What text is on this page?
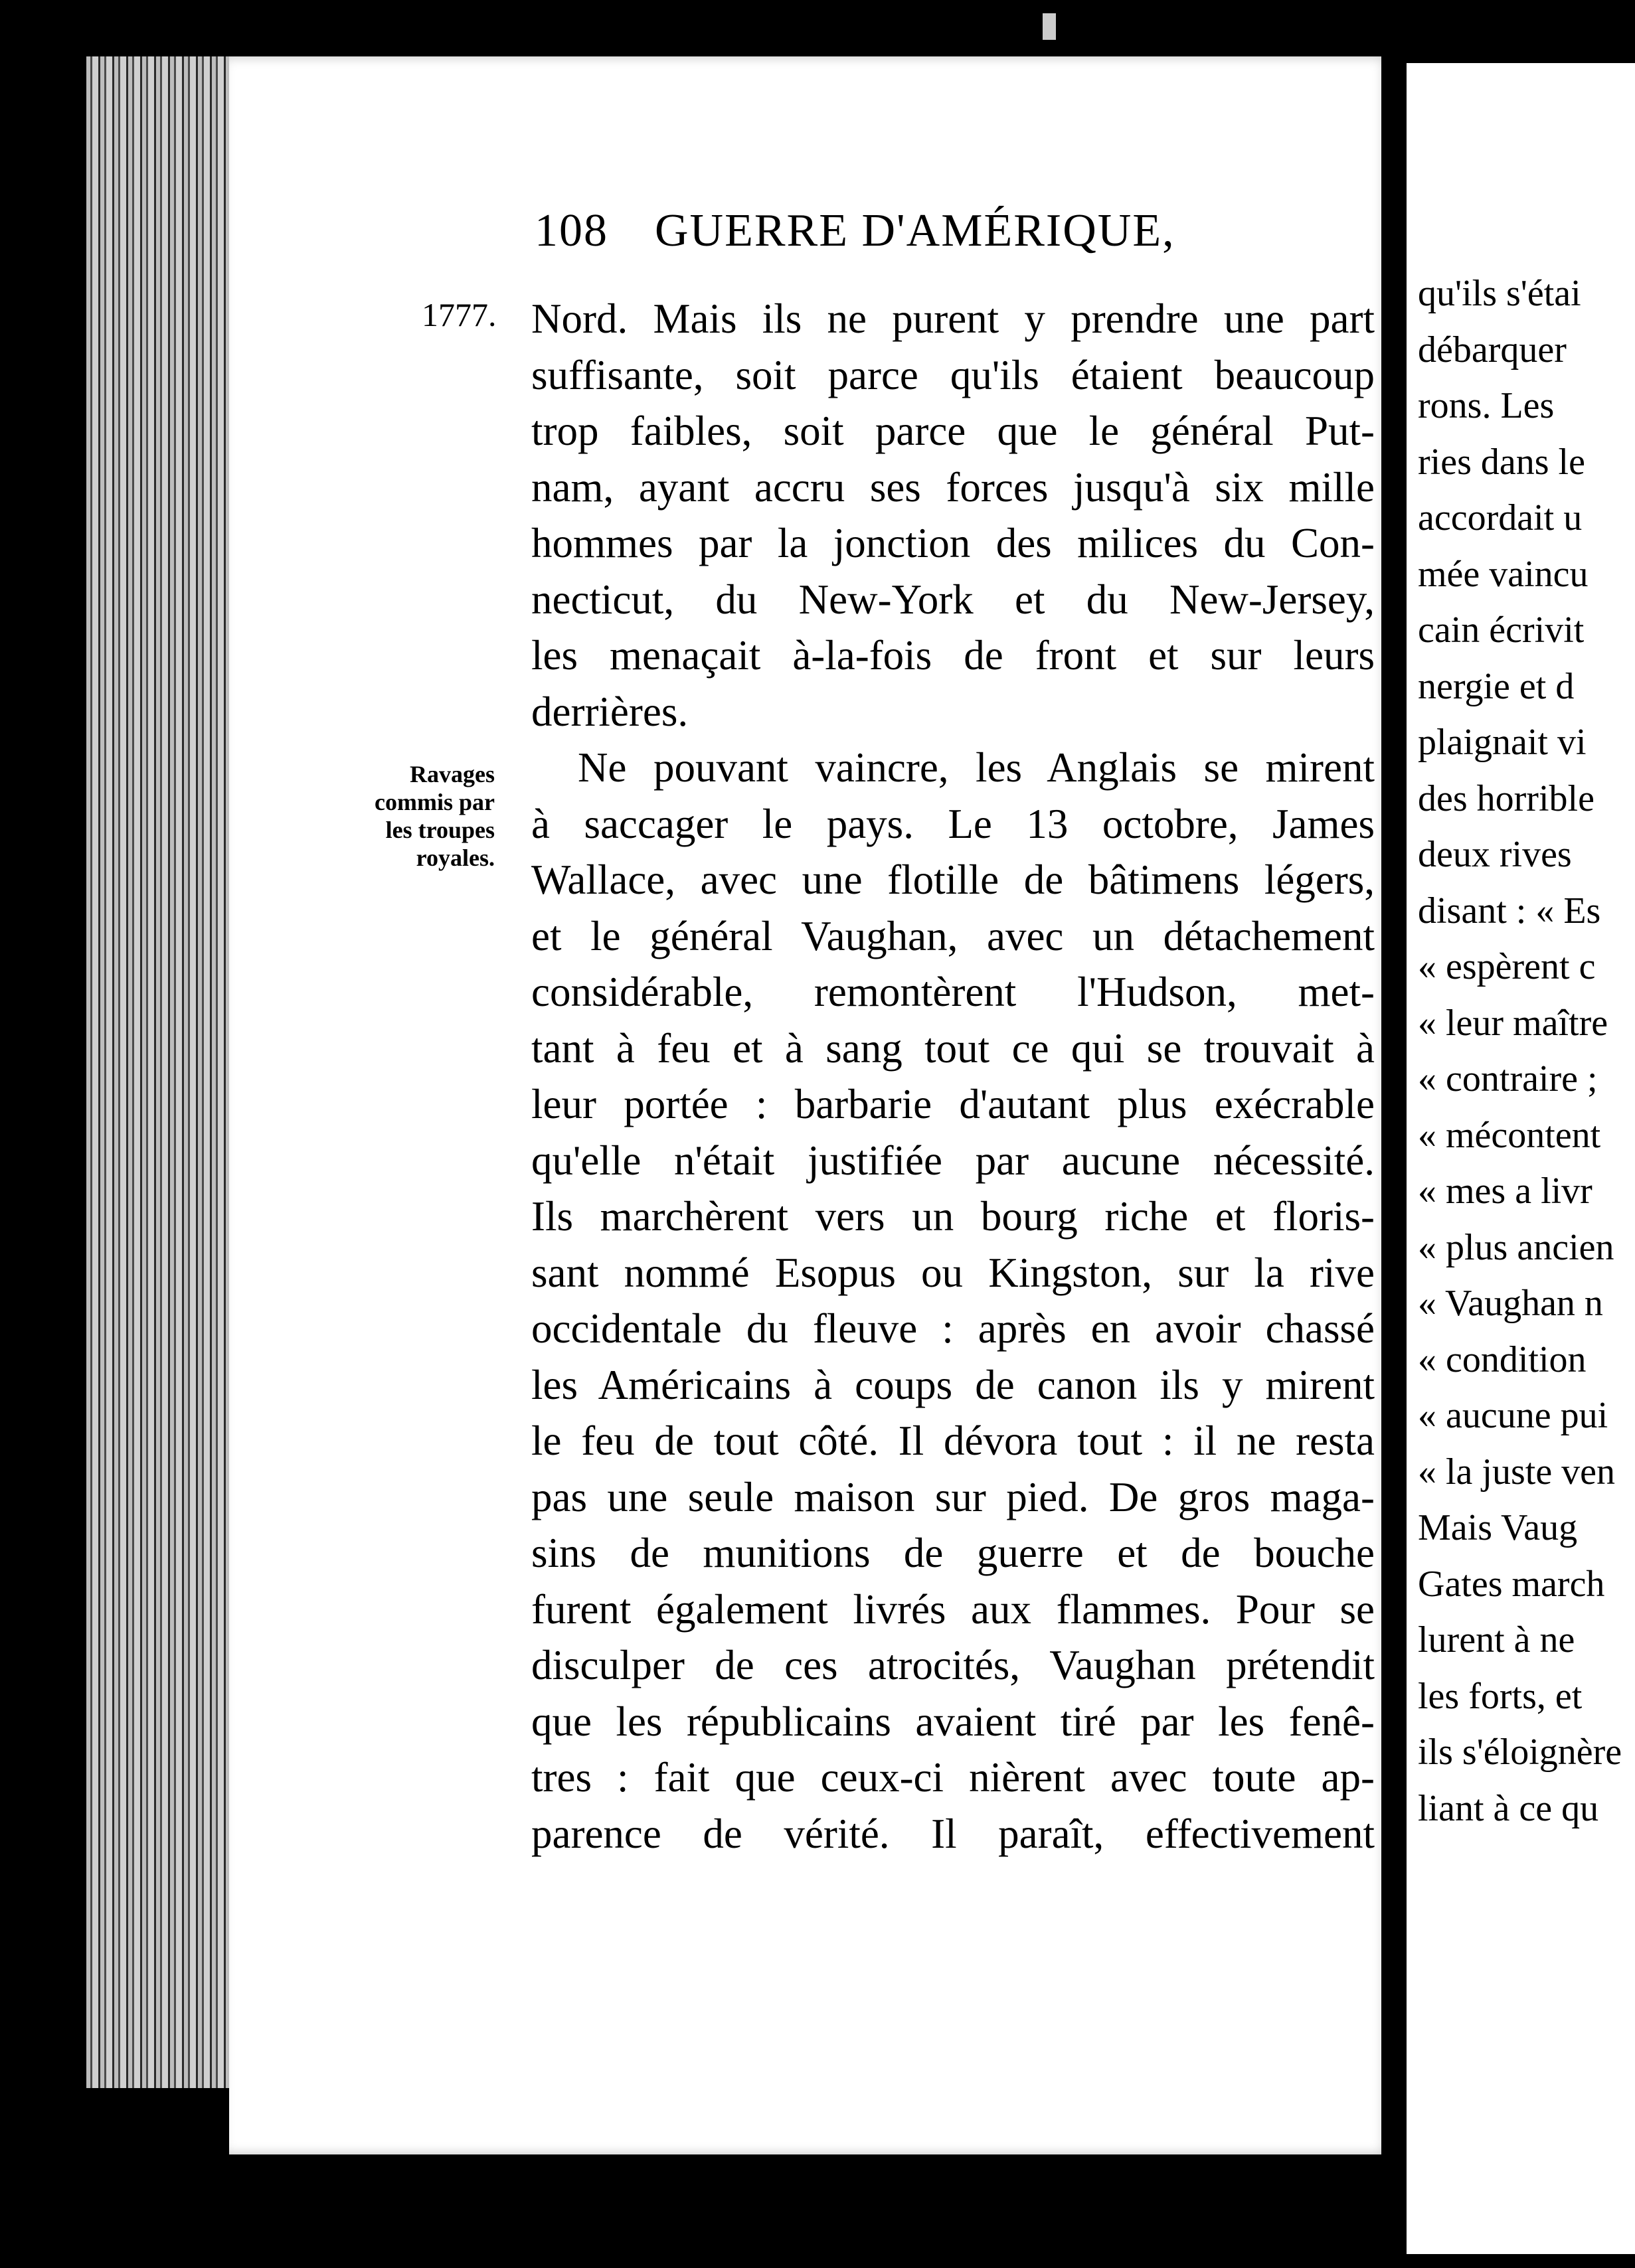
108 GUERRE D'AMÉRIQUE,
1777.
Ravages
commis par
les troupes
royales.
Nord. Mais ils ne purent y prendre une part
suffisante, soit parce qu'ils étaient beaucoup
trop faibles, soit parce que le général Put-
nam, ayant accru ses forces jusqu'à six mille
hommes par la jonction des milices du Con-
necticut, du New-York et du New-Jersey,
les menaçait à-la-fois de front et sur leurs
derrières.
Ne pouvant vaincre, les Anglais se mirent
à saccager le pays. Le 13 octobre, James
Wallace, avec une flotille de bâtimens légers,
et le général Vaughan, avec un détachement
considérable, remontèrent l'Hudson, met-
tant à feu et à sang tout ce qui se trouvait à
leur portée : barbarie d'autant plus exécrable
qu'elle n'était justifiée par aucune nécessité.
Ils marchèrent vers un bourg riche et floris-
sant nommé Esopus ou Kingston, sur la rive
occidentale du fleuve : après en avoir chassé
les Américains à coups de canon ils y mirent
le feu de tout côté. Il dévora tout : il ne resta
pas une seule maison sur pied. De gros maga-
sins de munitions de guerre et de bouche
furent également livrés aux flammes. Pour se
disculper de ces atrocités, Vaughan prétendit
que les républicains avaient tiré par les fenê-
tres : fait que ceux-ci nièrent avec toute ap-
parence de vérité. Il paraît, effectivement
qu'ils s'étai
débarquer
rons. Les
ries dans le
accordait u
mée vaincu
cain écrivit
nergie et d
plaignait vi
des horrible
deux rives
disant : « Es
« espèrent c
« leur maître
« contraire ;
« mécontent
« mes a livr
« plus ancien
« Vaughan n
« condition
« aucune pui
« la juste ven
Mais Vaug
Gates march
lurent à ne
les forts, et
ils s'éloignère
liant à ce qu
